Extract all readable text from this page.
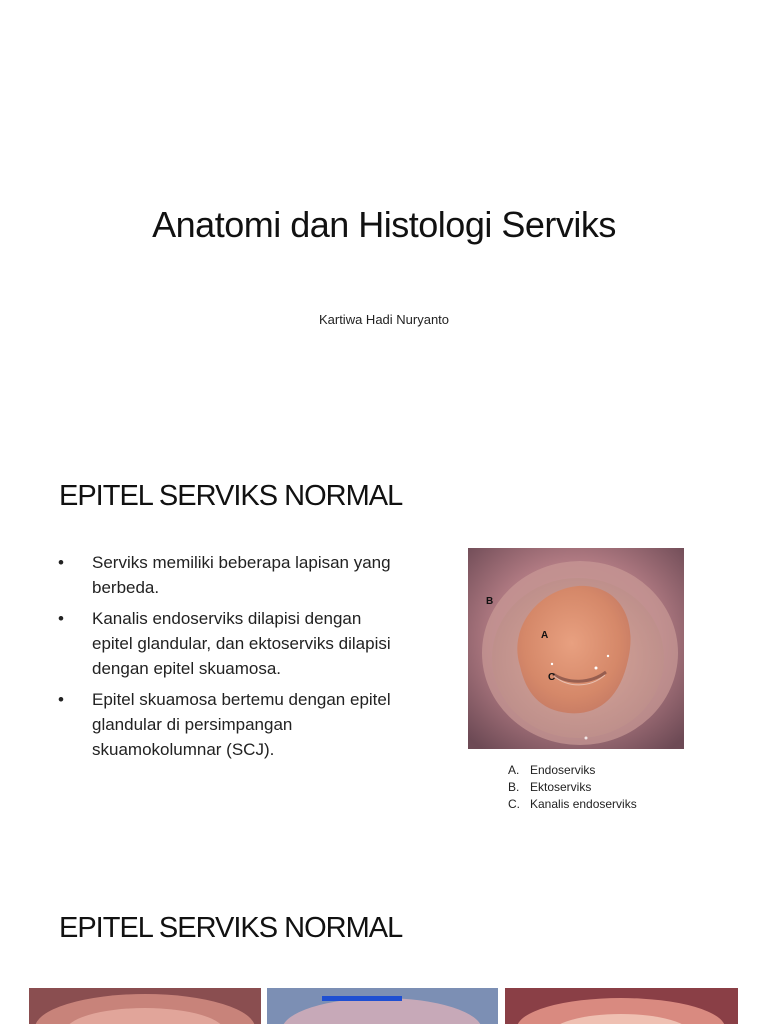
Anatomi dan Histologi Serviks
Kartiwa Hadi Nuryanto
EPITEL SERVIKS NORMAL
• Serviks memiliki beberapa lapisan yang berbeda.
• Kanalis endoserviks dilapisi dengan epitel glandular, dan ektoserviks dilapisi dengan epitel skuamosa.
• Epitel skuamosa bertemu dengan epitel glandular di persimpangan skuamokolumnar (SCJ).
B
A
C
A. Endoserviks
B. Ektoserviks
C. Kanalis endoserviks
EPITEL SERVIKS NORMAL
